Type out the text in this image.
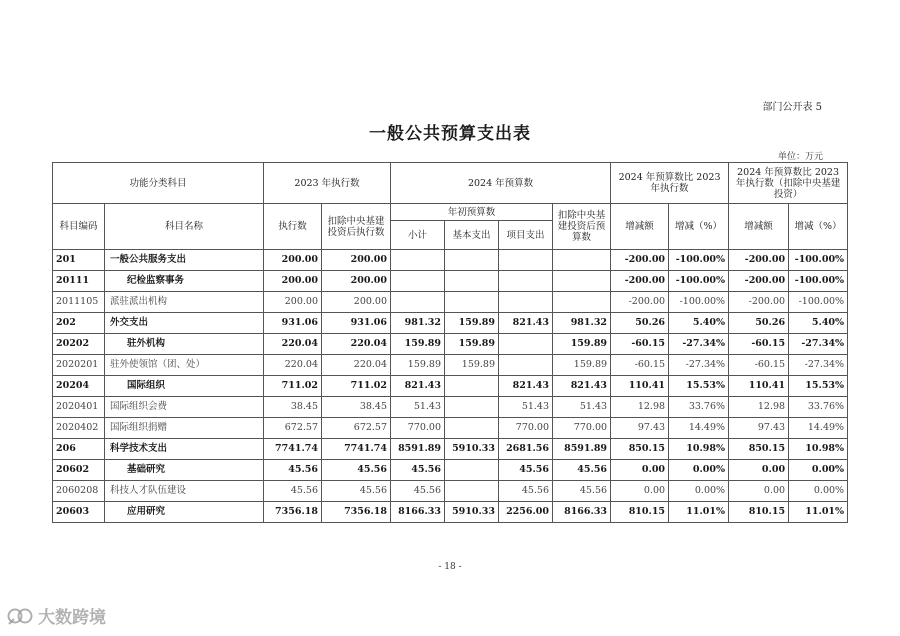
部门公开表 5
一般公共预算支出表
单位：万元
功能分类科目		2023 年执行数		2024 年预算数				2024 年预算数比 2023 年执行数		2024 年预算数比 2023 年执行数（扣除中央基建投资）	
科目编码	科目名称	执行数	扣除中央基建投资后执行数	年初预算数			扣除中央基建投资后预算数	增减额	增减（%）	增减额	增减（%）
				小计	基本支出	项目支出					
201	一般公共服务支出	200.00	200.00					-200.00	-100.00%	-200.00	-100.00%
20111	纪检监察事务	200.00	200.00					-200.00	-100.00%	-200.00	-100.00%
2011105	派驻派出机构	200.00	200.00					-200.00	-100.00%	-200.00	-100.00%
202	外交支出	931.06	931.06	981.32	159.89	821.43	981.32	50.26	5.40%	50.26	5.40%
20202	驻外机构	220.04	220.04	159.89	159.89		159.89	-60.15	-27.34%	-60.15	-27.34%
2020201	驻外使领馆（团、处）	220.04	220.04	159.89	159.89		159.89	-60.15	-27.34%	-60.15	-27.34%
20204	国际组织	711.02	711.02	821.43		821.43	821.43	110.41	15.53%	110.41	15.53%
2020401	国际组织会费	38.45	38.45	51.43		51.43	51.43	12.98	33.76%	12.98	33.76%
2020402	国际组织捐赠	672.57	672.57	770.00		770.00	770.00	97.43	14.49%	97.43	14.49%
206	科学技术支出	7741.74	7741.74	8591.89	5910.33	2681.56	8591.89	850.15	10.98%	850.15	10.98%
20602	基础研究	45.56	45.56	45.56		45.56	45.56	0.00	0.00%	0.00	0.00%
2060208	科技人才队伍建设	45.56	45.56	45.56		45.56	45.56	0.00	0.00%	0.00	0.00%
20603	应用研究	7356.18	7356.18	8166.33	5910.33	2256.00	8166.33	810.15	11.01%	810.15	11.01%
- 18 -
大数跨境
